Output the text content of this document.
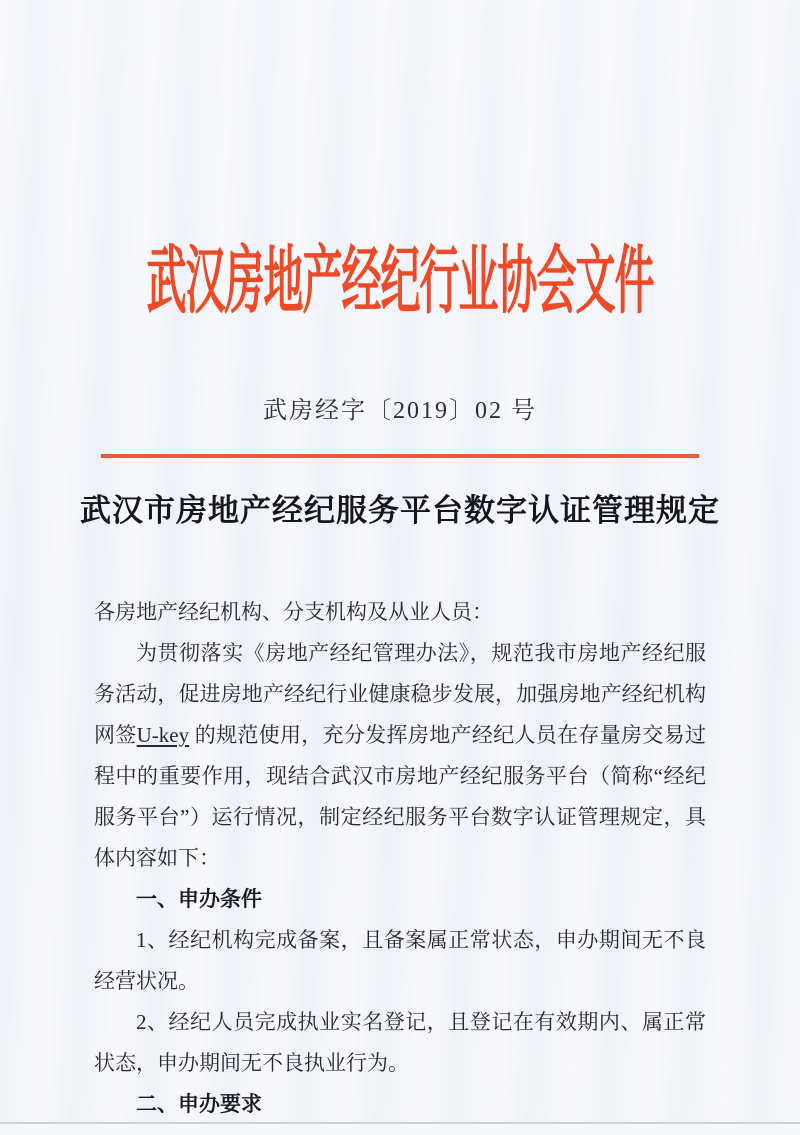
武汉房地产经纪行业协会文件
武房经字〔2019〕02 号
武汉市房地产经纪服务平台数字认证管理规定

各房地产经纪机构、分支机构及从业人员：

为贯彻落实《房地产经纪管理办法》，规范我市房地产经纪服务活动，促进房地产经纪行业健康稳步发展，加强房地产经纪机构网签U-key 的规范使用，充分发挥房地产经纪人员在存量房交易过程中的重要作用，现结合武汉市房地产经纪服务平台（简称“经纪服务平台”）运行情况，制定经纪服务平台数字认证管理规定，具体内容如下：

一、申办条件

1、经纪机构完成备案，且备案属正常状态，申办期间无不良经营状况。

2、经纪人员完成执业实名登记，且登记在有效期内、属正常状态，申办期间无不良执业行为。

二、申办要求
